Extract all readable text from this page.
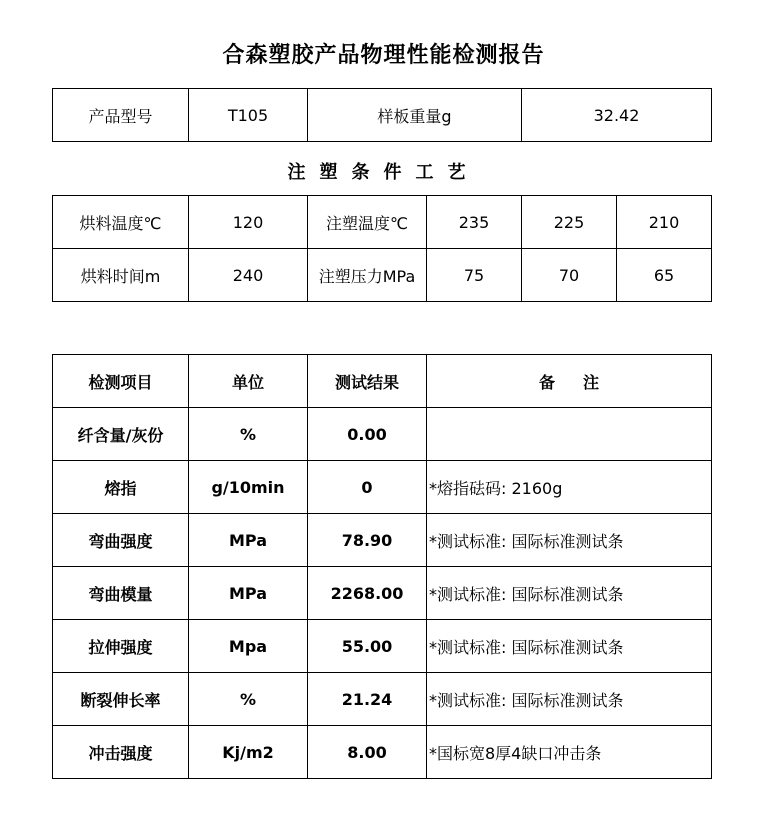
合森塑胶产品物理性能检测报告
产品型号	T105	样板重量g	32.42
注塑条件工艺
烘料温度℃	120	注塑温度℃	235	225	210
烘料时间m	240	注塑压力MPa	75	70	65
检测项目	单位	测试结果	备注
纤含量/灰份	%	0.00	
熔指	g/10min	0	*熔指砝码: 2160g
弯曲强度	MPa	78.90	*测试标准: 国际标准测试条
弯曲模量	MPa	2268.00	*测试标准: 国际标准测试条
拉伸强度	Mpa	55.00	*测试标准: 国际标准测试条
断裂伸长率	%	21.24	*测试标准: 国际标准测试条
冲击强度	Kj/m2	8.00	*国标宽8厚4缺口冲击条
